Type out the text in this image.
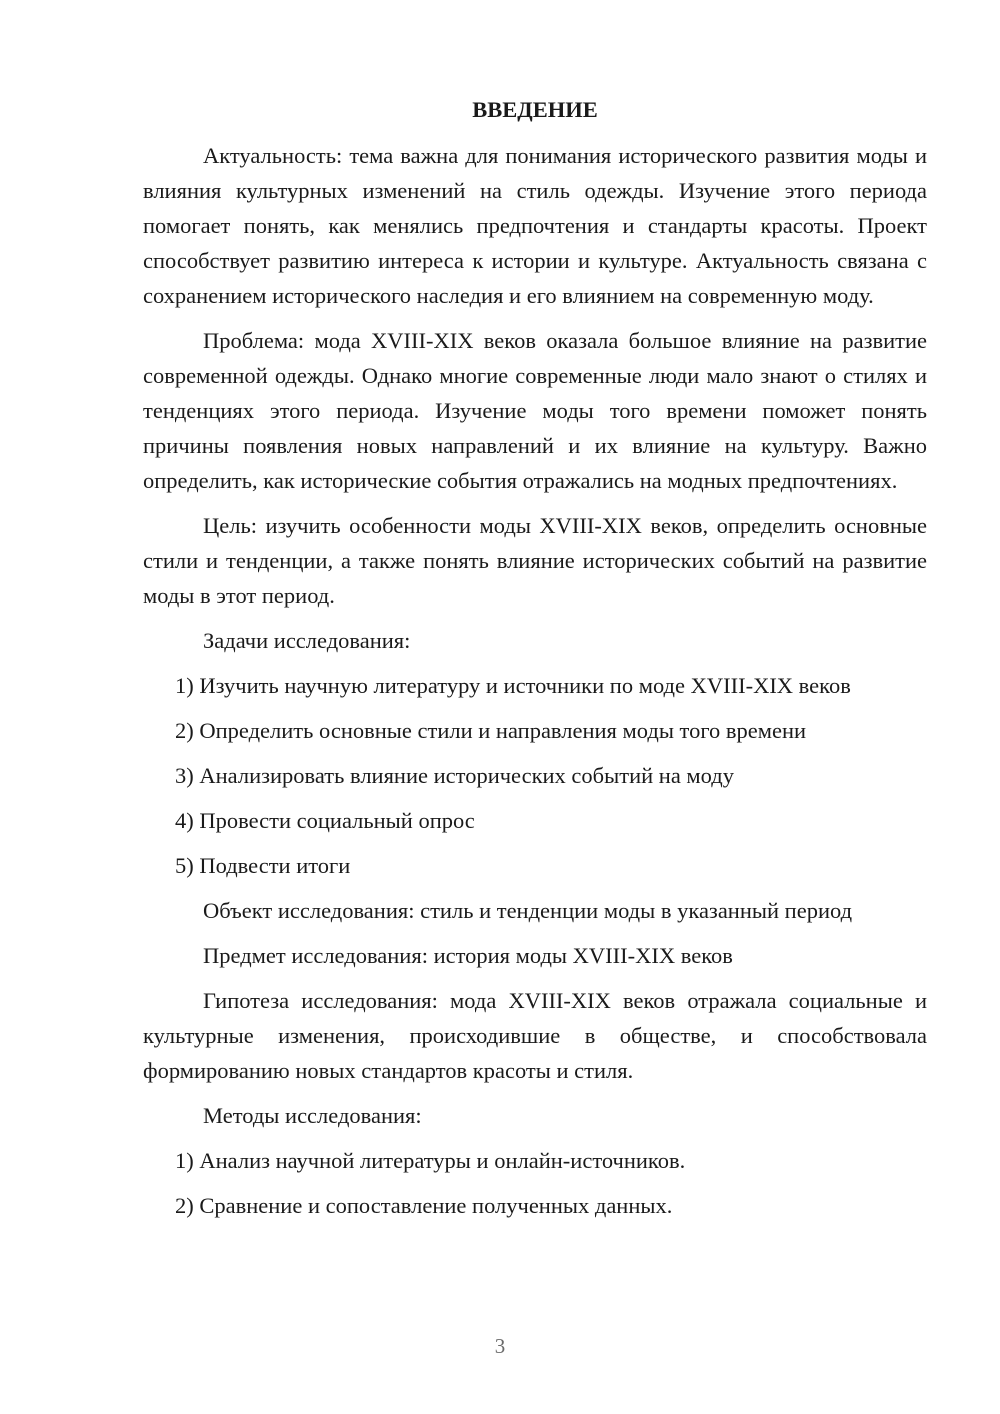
ВВЕДЕНИЕ

Актуальность: тема важна для понимания исторического развития моды и влияния культурных изменений на стиль одежды. Изучение этого периода помогает понять, как менялись предпочтения и стандарты красоты. Проект способствует развитию интереса к истории и культуре. Актуальность связана с сохранением исторического наследия и его влиянием на современную моду.

Проблема: мода XVIII-XIX веков оказала большое влияние на развитие современной одежды. Однако многие современные люди мало знают о стилях и тенденциях этого периода. Изучение моды того времени поможет понять причины появления новых направлений и их влияние на культуру. Важно определить, как исторические события отражались на модных предпочтениях.

Цель: изучить особенности моды XVIII-XIX веков, определить основные стили и тенденции, а также понять влияние исторических событий на развитие моды в этот период.

Задачи исследования:

1) Изучить научную литературу и источники по моде XVIII-XIX веков
2) Определить основные стили и направления моды того времени
3) Анализировать влияние исторических событий на моду
4) Провести социальный опрос
5) Подвести итоги

Объект исследования: стиль и тенденции моды в указанный период

Предмет исследования: история моды XVIII-XIX веков

Гипотеза исследования: мода XVIII-XIX веков отражала социальные и культурные изменения, происходившие в обществе, и способствовала формированию новых стандартов красоты и стиля.

Методы исследования:

1) Анализ научной литературы и онлайн-источников.
2) Сравнение и сопоставление полученных данных.
3
